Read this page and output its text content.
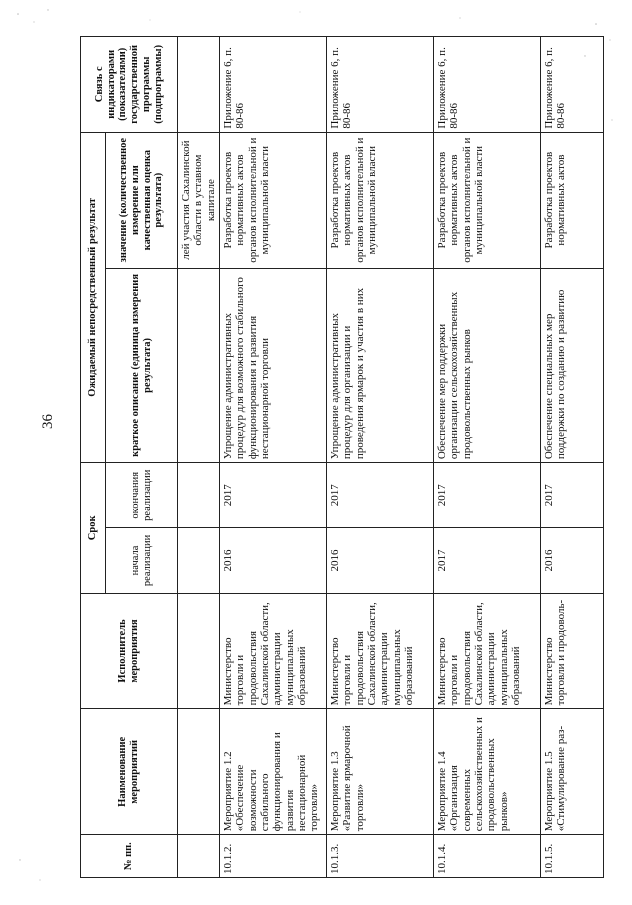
36
№ пп.	Наименование мероприятий	Исполнитель мероприятия	Срок		Ожидаемый непосредственный результат		Связь с индикаторами (показателями) государственной программы (подпрограммы)
			начала реализации	окончания реализации	краткое описание (единица измерения результата)	значение (количественное измерение или качественная оценка результата)	
						лей участия Сахалинской области в уставном капитале	
10.1.2.	Мероприятие 1.2 «Обеспечение возможности стабильного функционирования и развития нестационарной торговли»	Министерство торговли и продовольствия Сахалинской области, администрации муниципальных образований	2016	2017	Упрощение административных процедур для возможного стабильного функционирования и развития нестационарной торговли	Разработка проектов нормативных актов органов исполнительной и муниципальной власти	Приложение 6, п. 80-86
10.1.3.	Мероприятие 1.3 «Развитие ярмарочной торговли»	Министерство торговли и продовольствия Сахалинской области, администрации муниципальных образований	2016	2017	Упрощение административных процедур для организации и проведения ярмарок и участия в них	Разработка проектов нормативных актов органов исполнительной и муниципальной власти	Приложение 6, п. 80-86
10.1.4.	Мероприятие 1.4 «Организация современных сельскохозяйственных и продовольственных рынков»	Министерство торговли и продовольствия Сахалинской области, администрации муниципальных образований	2017	2017	Обеспечение мер поддержки организации сельскохозяйственных продовольственных рынков	Разработка проектов нормативных актов органов исполнительной и муниципальной власти	Приложение 6, п. 80-86
10.1.5.	Мероприятие 1.5 «Стимулирование раз-	Министерство торговли и продоволь-	2016	2017	Обеспечение специальных мер поддержки по созданию и развитию	Разработка проектов нормативных актов	Приложение 6, п. 80-86
